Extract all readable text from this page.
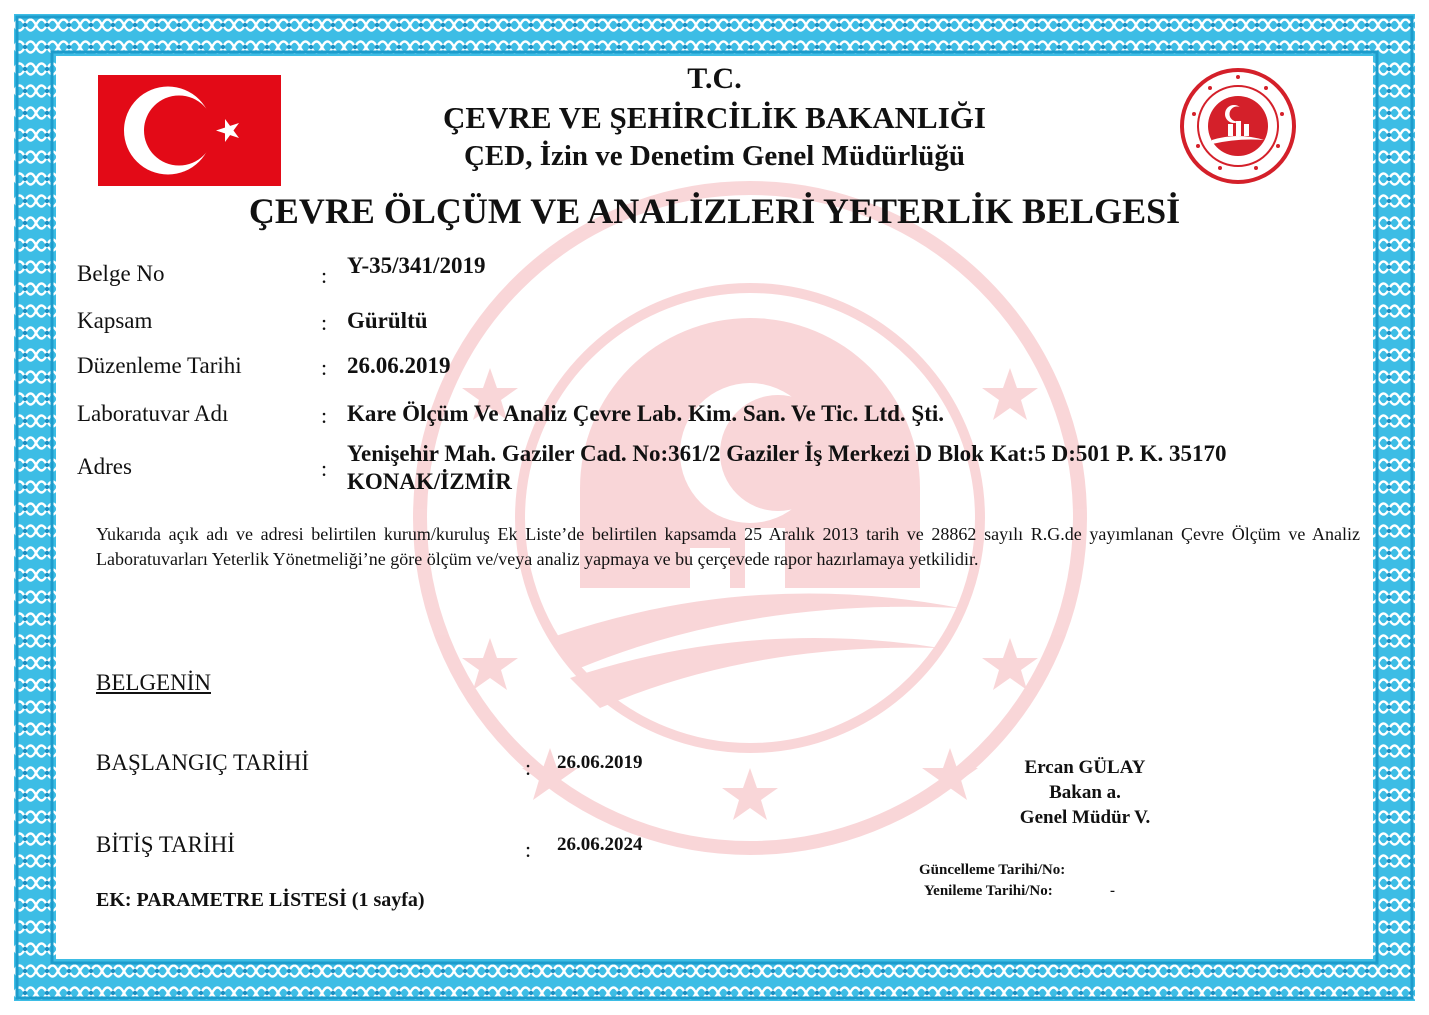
T.C.
ÇEVRE VE ŞEHİRCİLİK BAKANLIĞI
ÇED, İzin ve Denetim Genel Müdürlüğü
ÇEVRE ÖLÇÜM VE ANALİZLERİ YETERLİK BELGESİ
Belge No	: Y-35/341/2019
Kapsam	: Gürültü
Düzenleme Tarihi	: 26.06.2019
Laboratuvar Adı	: Kare Ölçüm Ve Analiz Çevre Lab. Kim. San. Ve Tic. Ltd. Şti.
Adres	:
Yenişehir Mah. Gaziler Cad. No:361/2 Gaziler İş Merkezi D Blok Kat:5 D:501 P. K. 35170
KONAK/İZMİR
Yukarıda açık adı ve adresi belirtilen kurum/kuruluş Ek Liste’de belirtilen kapsamda 25 Aralık 2013 tarih ve 28862 sayılı R.G.de yayımlanan Çevre Ölçüm ve Analiz Laboratuvarları Yeterlik Yönetmeliği’ne göre ölçüm ve/veya analiz yapmaya ve bu çerçevede rapor hazırlamaya yetkilidir.
BELGENİN
BAŞLANGIÇ TARİHİ	: 26.06.2019
BİTİŞ TARİHİ	: 26.06.2024
Ercan GÜLAY
Bakan a.
Genel Müdür V.
Güncelleme Tarihi/No:
Yenileme Tarihi/No:	-
EK: PARAMETRE LİSTESİ (1 sayfa)
